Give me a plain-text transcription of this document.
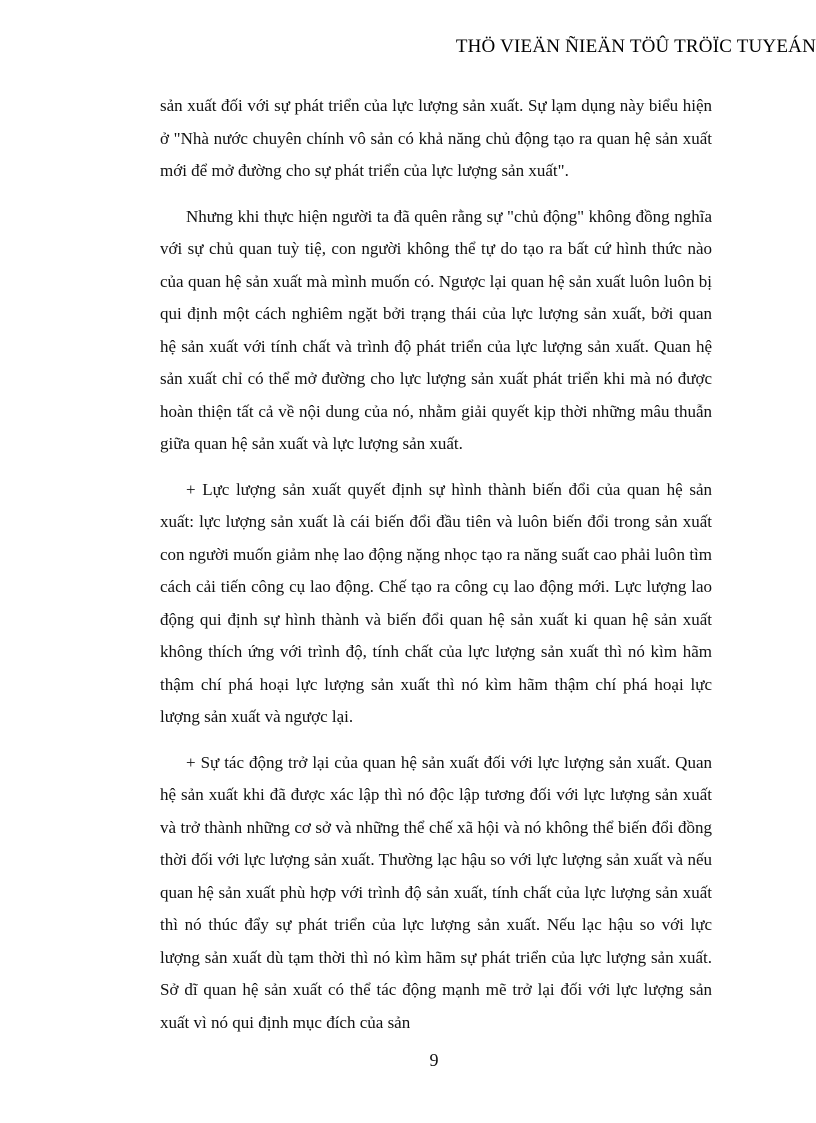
THÖ VIEÄN ÑIEÄN TÖÛ TRÖÏC TUYEÁN

sản xuất đối với sự phát triển của lực lượng sản xuất. Sự lạm dụng này biểu hiện ở "Nhà nước chuyên chính vô sản có khả năng chủ động tạo ra quan hệ sản xuất mới để mở đường cho sự phát triển của lực lượng sản xuất".

Nhưng khi thực hiện người ta đã quên rằng sự "chủ động" không đồng nghĩa với sự chủ quan tuỳ tiệ, con người không thể tự do tạo ra bất cứ hình thức nào của quan hệ sản xuất mà mình muốn có. Ngược lại quan hệ sản xuất luôn luôn bị qui định một cách nghiêm ngặt bởi trạng thái của lực lượng sản xuất, bởi quan hệ sản xuất với tính chất và trình độ phát triển của lực lượng sản xuất. Quan hệ sản xuất chỉ có thể mở đường cho lực lượng sản xuất phát triển khi mà nó được hoàn thiện tất cả về nội dung của nó, nhằm giải quyết kịp thời những mâu thuẫn giữa quan hệ sản xuất và lực lượng sản xuất.

+ Lực lượng sản xuất quyết định sự hình thành biến đổi của quan hệ sản xuất: lực lượng sản xuất là cái biến đổi đầu tiên và luôn biến đổi trong sản xuất con người muốn giảm nhẹ lao động nặng nhọc tạo ra năng suất cao phải luôn tìm cách cải tiến công cụ lao động. Chế tạo ra công cụ lao động mới. Lực lượng lao động qui định sự hình thành và biến đổi quan hệ sản xuất ki quan hệ sản xuất không thích ứng với trình độ, tính chất của lực lượng sản xuất thì nó kìm hãm thậm chí phá hoại lực lượng sản xuất thì nó kìm hãm thậm chí phá hoại lực lượng sản xuất và ngược lại.

+ Sự tác động trở lại của quan hệ sản xuất đối với lực lượng sản xuất. Quan hệ sản xuất khi đã được xác lập thì nó độc lập tương đối với lực lượng sản xuất và trở thành những cơ sở và những thể chế xã hội và nó không thể biến đổi đồng thời đối với lực lượng sản xuất. Thường lạc hậu so với lực lượng sản xuất và nếu quan hệ sản xuất phù hợp với trình độ sản xuất, tính chất của lực lượng sản xuất thì nó thúc đẩy sự phát triển của lực lượng sản xuất. Nếu lạc hậu so với lực lượng sản xuất dù tạm thời thì nó kìm hãm sự phát triển của lực lượng sản xuất. Sở dĩ quan hệ sản xuất có thể tác động mạnh mẽ trở lại đối với lực lượng sản xuất vì nó qui định mục đích của sản

9
